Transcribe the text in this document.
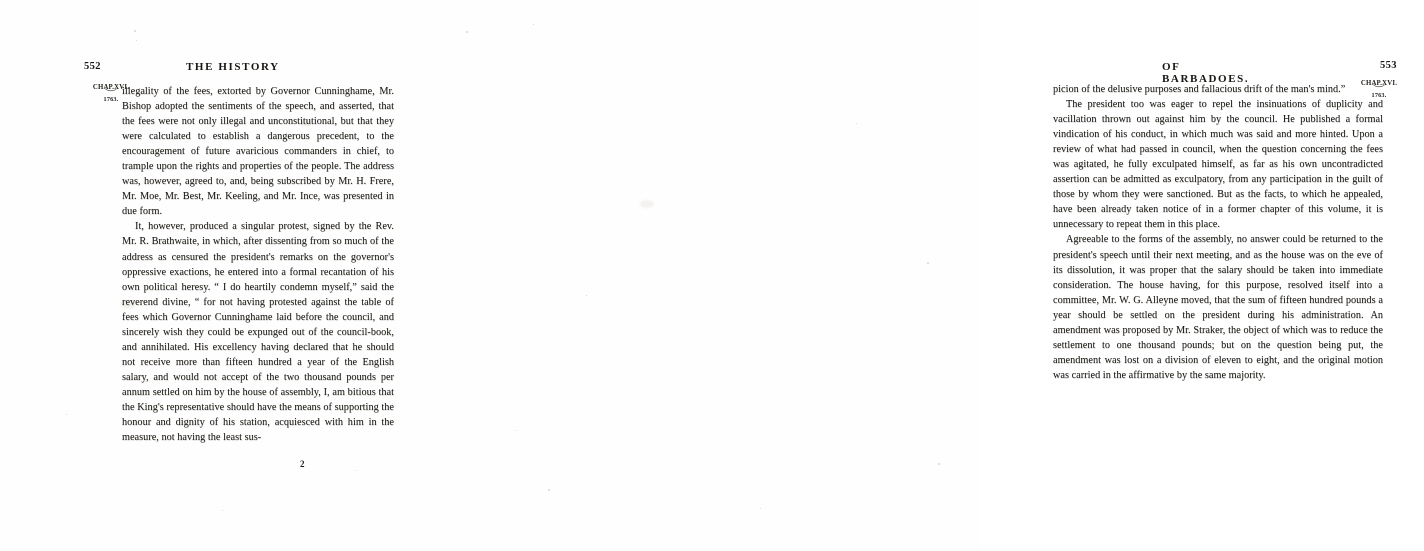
552	THE HISTORY
CHAP.XVI.
︶
1763.

illegality of the fees, extorted by Governor Cunninghame, Mr. Bishop adopted the sentiments of the speech, and asserted, that the fees were not only illegal and unconstitutional, but that they were calculated to establish a dangerous precedent, to the encouragement of future avaricious commanders in chief, to trample upon the rights and properties of the people. The address was, however, agreed to, and, being subscribed by Mr. H. Frere, Mr. Moe, Mr. Best, Mr. Keeling, and Mr. Ince, was presented in due form.

It, however, produced a singular protest, signed by the Rev. Mr. R. Brathwaite, in which, after dissenting from so much of the address as censured the president's remarks on the governor's oppressive exactions, he entered into a formal recantation of his own political heresy. “ I do heartily condemn myself,” said the reverend divine, “ for not having protested against the table of fees which Governor Cunninghame laid before the council, and sincerely wish they could be expunged out of the council-book, and annihilated. His excellency having declared that he should not receive more than fifteen hundred a year of the English salary, and would not accept of the two thousand pounds per annum settled on him by the house of assembly, I, am bitious that the King's representative should have the means of supporting the honour and dignity of his station, acquiesced with him in the measure, not having the least sus-

2
553
OF BARBADOES.	CHAP.XVI.
︶
1763.

picion of the delusive purposes and fallacious drift of the man's mind.”

The president too was eager to repel the insinuations of duplicity and vacillation thrown out against him by the council. He published a formal vindication of his conduct, in which much was said and more hinted. Upon a review of what had passed in council, when the question concerning the fees was agitated, he fully exculpated himself, as far as his own uncontradicted assertion can be admitted as exculpatory, from any participation in the guilt of those by whom they were sanctioned. But as the facts, to which he appealed, have been already taken notice of in a former chapter of this volume, it is unnecessary to repeat them in this place.

Agreeable to the forms of the assembly, no answer could be returned to the president's speech until their next meeting, and as the house was on the eve of its dissolution, it was proper that the salary should be taken into immediate consideration. The house having, for this purpose, resolved itself into a committee, Mr. W. G. Alleyne moved, that the sum of fifteen hundred pounds a year should be settled on the president during his administration. An amendment was proposed by Mr. Straker, the object of which was to reduce the settlement to one thousand pounds; but on the question being put, the amendment was lost on a division of eleven to eight, and the original motion was carried in the affirmative by the same majority.
